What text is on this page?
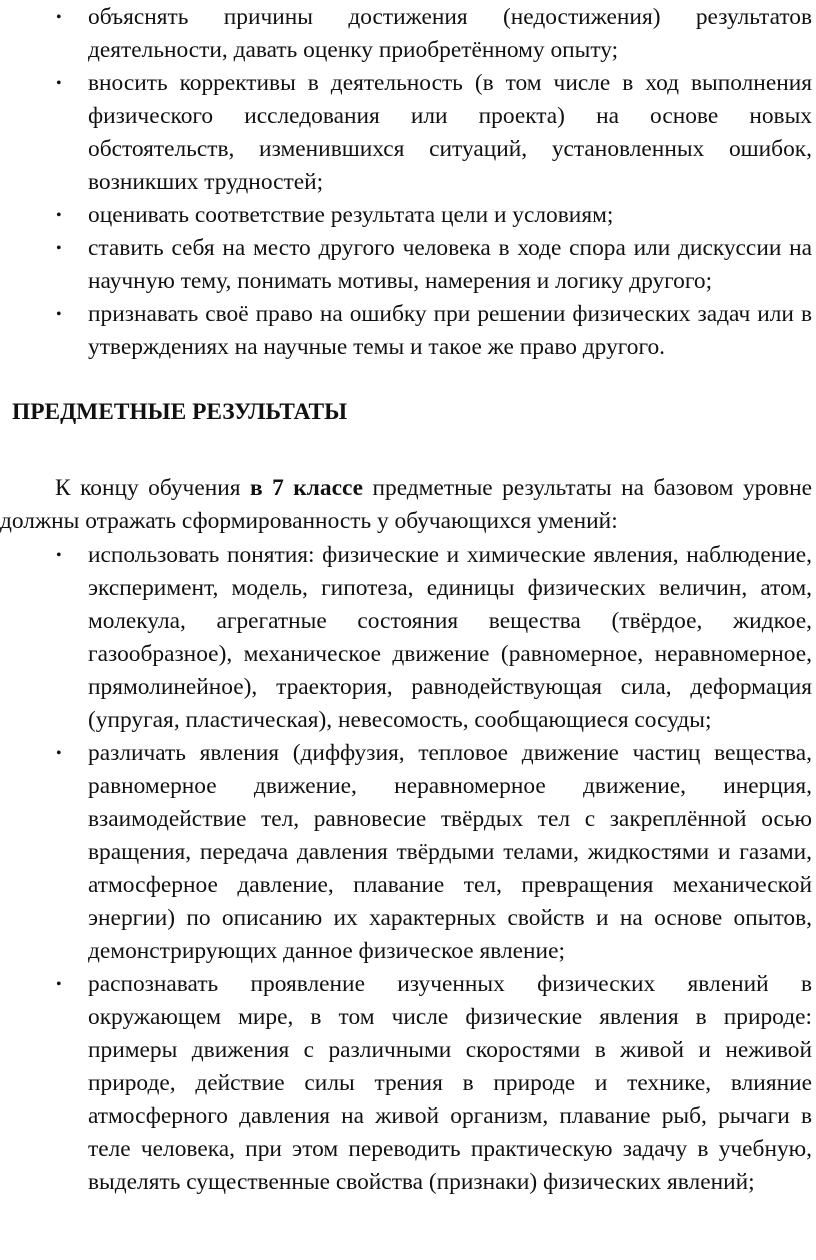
• объяснять причины достижения (недостижения) результатов деятельности, давать оценку приобретённому опыту;
• вносить коррективы в деятельность (в том числе в ход выполнения физического исследования или проекта) на основе новых обстоятельств, изменившихся ситуаций, установленных ошибок, возникших трудностей;
• оценивать соответствие результата цели и условиям;
• ставить себя на место другого человека в ходе спора или дискуссии на научную тему, понимать мотивы, намерения и логику другого;
• признавать своё право на ошибку при решении физических задач или в утверждениях на научные темы и такое же право другого.
ПРЕДМЕТНЫЕ РЕЗУЛЬТАТЫ

К концу обучения в 7 классе предметные результаты на базовом уровне должны отражать сформированность у обучающихся умений:

• использовать понятия: физические и химические явления, наблюдение, эксперимент, модель, гипотеза, единицы физических величин, атом, молекула, агрегатные состояния вещества (твёрдое, жидкое, газообразное), механическое движение (равномерное, неравномерное, прямолинейное), траектория, равнодействующая сила, деформация (упругая, пластическая), невесомость, сообщающиеся сосуды;
• различать явления (диффузия, тепловое движение частиц вещества, равномерное движение, неравномерное движение, инерция, взаимодействие тел, равновесие твёрдых тел с закреплённой осью вращения, передача давления твёрдыми телами, жидкостями и газами, атмосферное давление, плавание тел, превращения механической энергии) по описанию их характерных свойств и на основе опытов, демонстрирующих данное физическое явление;
• распознавать проявление изученных физических явлений в окружающем мире, в том числе физические явления в природе: примеры движения с различными скоростями в живой и неживой природе, действие силы трения в природе и технике, влияние атмосферного давления на живой организм, плавание рыб, рычаги в теле человека, при этом переводить практическую задачу в учебную, выделять существенные свойства (признаки) физических явлений;
